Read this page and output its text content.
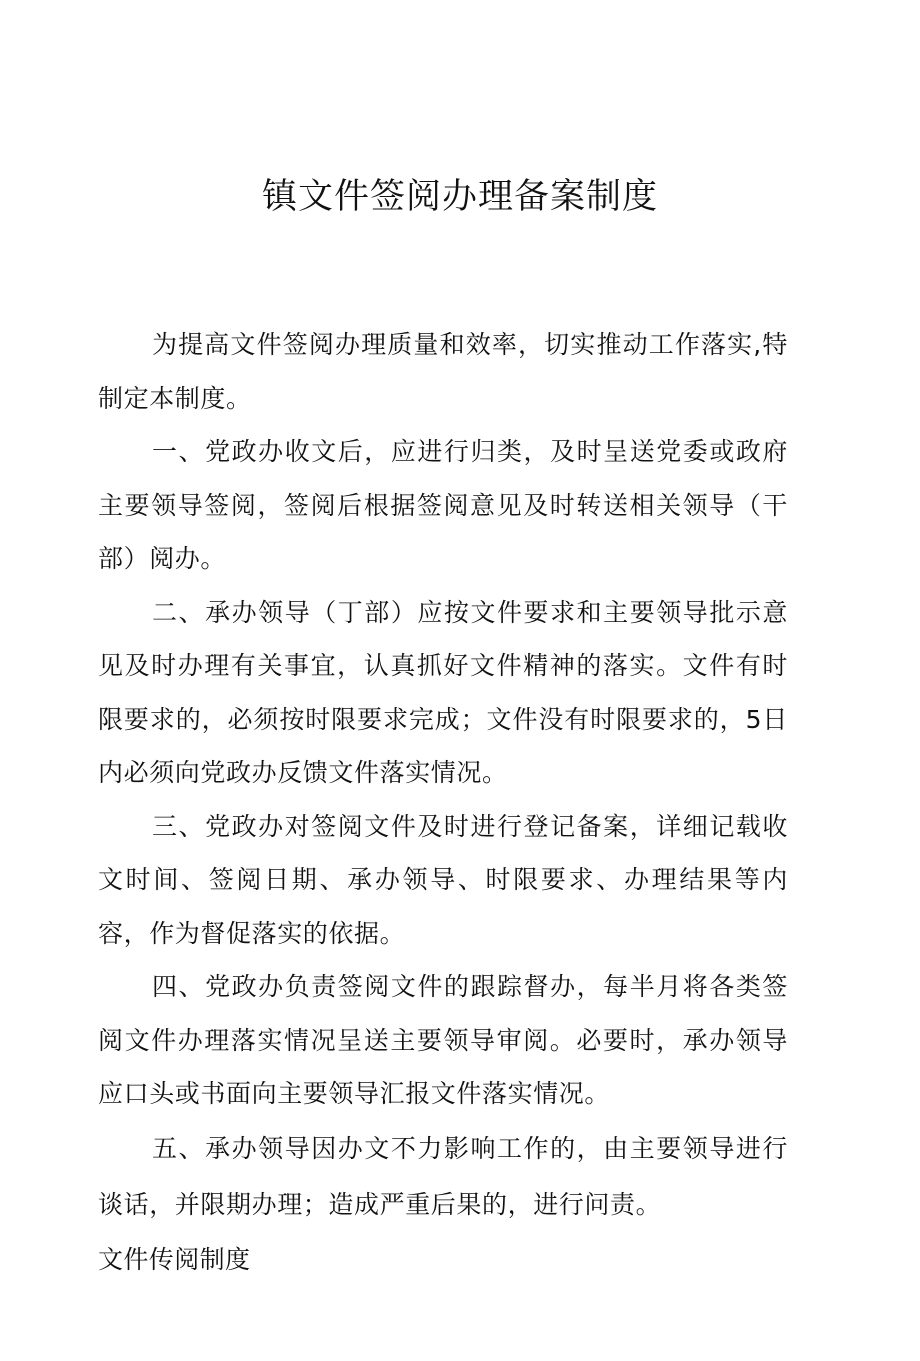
镇文件签阅办理备案制度

为提高文件签阅办理质量和效率，切实推动工作落实,特制定本制度。

一、党政办收文后，应进行归类，及时呈送党委或政府主要领导签阅，签阅后根据签阅意见及时转送相关领导（干部）阅办。

二、承办领导（丁部）应按文件要求和主要领导批示意见及时办理有关事宜，认真抓好文件精神的落实。文件有时限要求的，必须按时限要求完成；文件没有时限要求的，5日内必须向党政办反馈文件落实情况。

三、党政办对签阅文件及时进行登记备案，详细记载收文时间、签阅日期、承办领导、时限要求、办理结果等内容，作为督促落实的依据。

四、党政办负责签阅文件的跟踪督办，每半月将各类签阅文件办理落实情况呈送主要领导审阅。必要时，承办领导应口头或书面向主要领导汇报文件落实情况。

五、承办领导因办文不力影响工作的，由主要领导进行谈话，并限期办理；造成严重后果的，进行问责。

文件传阅制度
